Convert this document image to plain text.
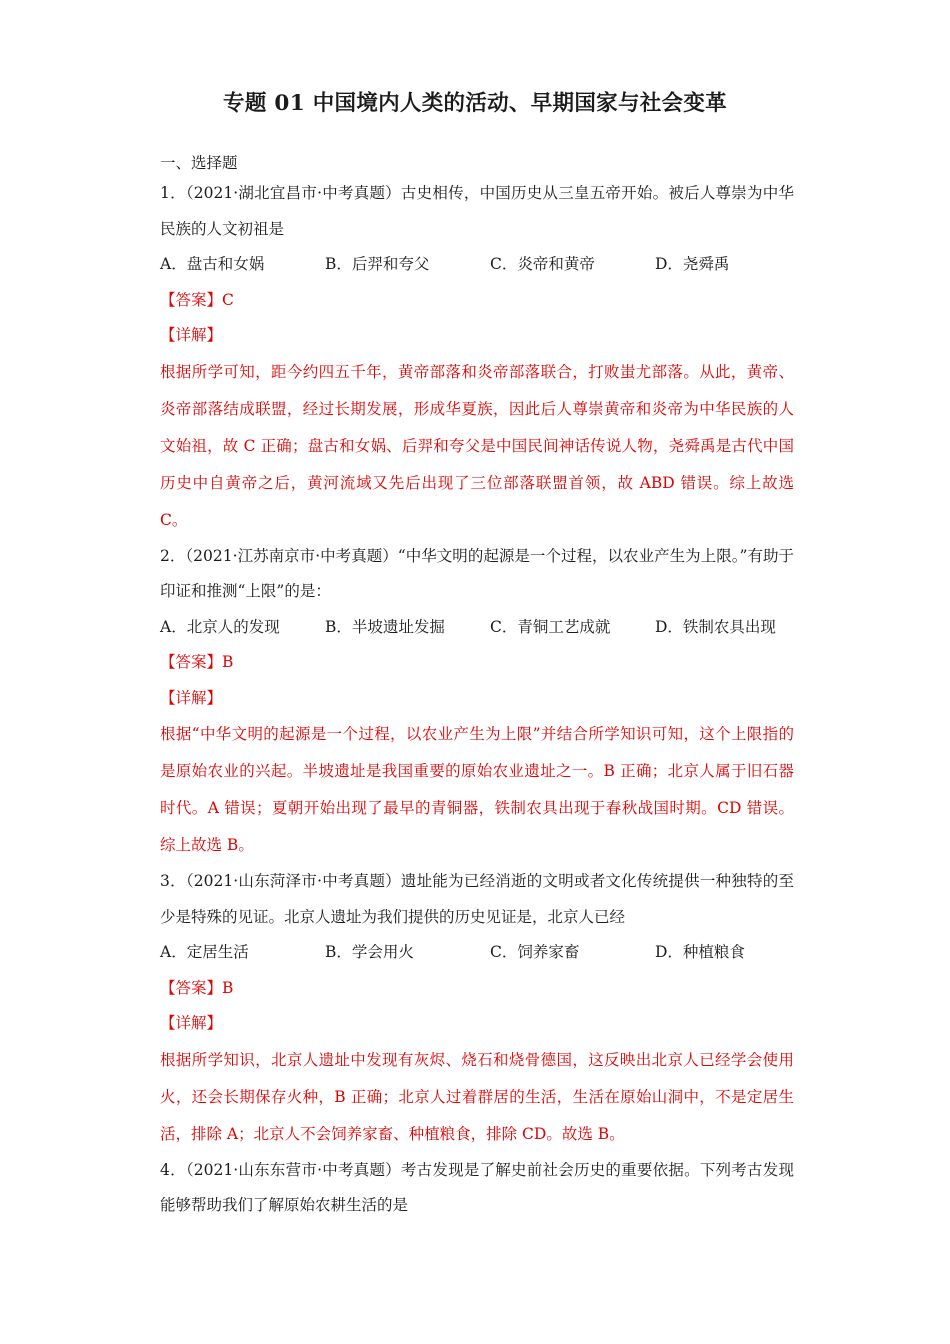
专题 01 中国境内人类的活动、早期国家与社会变革
一、选择题
1．（2021·湖北宜昌市·中考真题）古史相传，中国历史从三皇五帝开始。被后人尊崇为中华民族的人文初祖是
A．盘古和女娲	B．后羿和夸父	C．炎帝和黄帝	D．尧舜禹
【答案】C
【详解】
根据所学可知，距今约四五千年，黄帝部落和炎帝部落联合，打败蚩尤部落。从此，黄帝、炎帝部落结成联盟，经过长期发展，形成华夏族，因此后人尊崇黄帝和炎帝为中华民族的人文始祖，故 C 正确；盘古和女娲、后羿和夸父是中国民间神话传说人物，尧舜禹是古代中国历史中自黄帝之后，黄河流域又先后出现了三位部落联盟首领，故 ABD 错误。综上故选 C。
2．（2021·江苏南京市·中考真题）“中华文明的起源是一个过程，以农业产生为上限。”有助于印证和推测“上限”的是：
A．北京人的发现	B．半坡遗址发掘	C．青铜工艺成就	D．铁制农具出现
【答案】B
【详解】
根据“中华文明的起源是一个过程，以农业产生为上限”并结合所学知识可知，这个上限指的是原始农业的兴起。半坡遗址是我国重要的原始农业遗址之一。B 正确；北京人属于旧石器时代。A 错误；夏朝开始出现了最早的青铜器，铁制农具出现于春秋战国时期。CD 错误。综上故选 B。
3．（2021·山东菏泽市·中考真题）遗址能为已经消逝的文明或者文化传统提供一种独特的至少是特殊的见证。北京人遗址为我们提供的历史见证是，北京人已经
A．定居生活	B．学会用火	C．饲养家畜	D．种植粮食
【答案】B
【详解】
根据所学知识，北京人遗址中发现有灰烬、烧石和烧骨德国，这反映出北京人已经学会使用火，还会长期保存火种，B 正确；北京人过着群居的生活，生活在原始山洞中，不是定居生活，排除 A；北京人不会饲养家畜、种植粮食，排除 CD。故选 B。
4．（2021·山东东营市·中考真题）考古发现是了解史前社会历史的重要依据。下列考古发现能够帮助我们了解原始农耕生活的是
